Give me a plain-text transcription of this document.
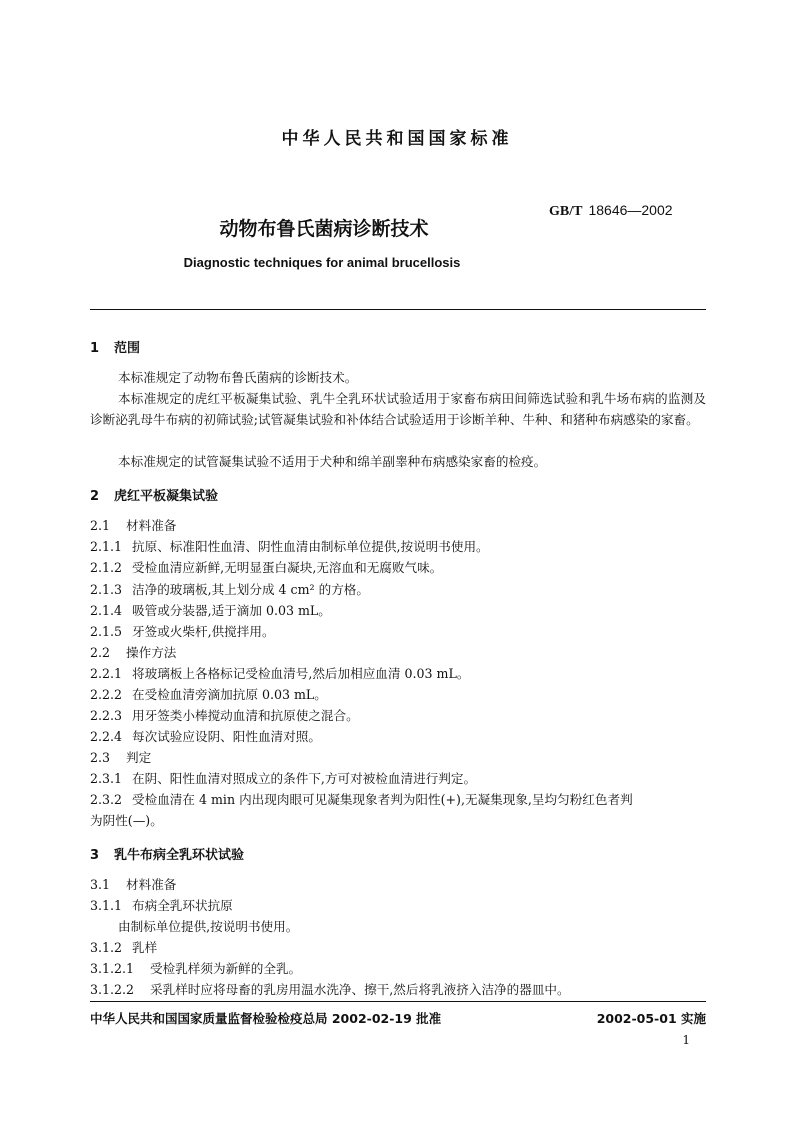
中华人民共和国国家标准
GB/T 18646—2002
动物布鲁氏菌病诊断技术
Diagnostic techniques for animal brucellosis
1 范围
本标准规定了动物布鲁氏菌病的诊断技术。
本标准规定的虎红平板凝集试验、乳牛全乳环状试验适用于家畜布病田间筛选试验和乳牛场布病的监测及诊断泌乳母牛布病的初筛试验;试管凝集试验和补体结合试验适用于诊断羊种、牛种、和猪种布病感染的家畜。
本标准规定的试管凝集试验不适用于犬种和绵羊副睾种布病感染家畜的检疫。
2 虎红平板凝集试验
2.1 材料准备
2.1.1 抗原、标准阳性血清、阴性血清由制标单位提供,按说明书使用。
2.1.2 受检血清应新鲜,无明显蛋白凝块,无溶血和无腐败气味。
2.1.3 洁净的玻璃板,其上划分成 4 cm² 的方格。
2.1.4 吸管或分装器,适于滴加 0.03 mL。
2.1.5 牙签或火柴杆,供搅拌用。
2.2 操作方法
2.2.1 将玻璃板上各格标记受检血清号,然后加相应血清 0.03 mL。
2.2.2 在受检血清旁滴加抗原 0.03 mL。
2.2.3 用牙签类小棒搅动血清和抗原使之混合。
2.2.4 每次试验应设阴、阳性血清对照。
2.3 判定
2.3.1 在阴、阳性血清对照成立的条件下,方可对被检血清进行判定。
2.3.2 受检血清在 4 min 内出现肉眼可见凝集现象者判为阳性(+),无凝集现象,呈均匀粉红色者判
为阴性(—)。
3 乳牛布病全乳环状试验
3.1 材料准备
3.1.1 布病全乳环状抗原
由制标单位提供,按说明书使用。
3.1.2 乳样
3.1.2.1 受检乳样须为新鲜的全乳。
3.1.2.2 采乳样时应将母畜的乳房用温水洗净、擦干,然后将乳液挤入洁净的器皿中。
中华人民共和国国家质量监督检验检疫总局 2002-02-19 批准	2002-05-01 实施
1
